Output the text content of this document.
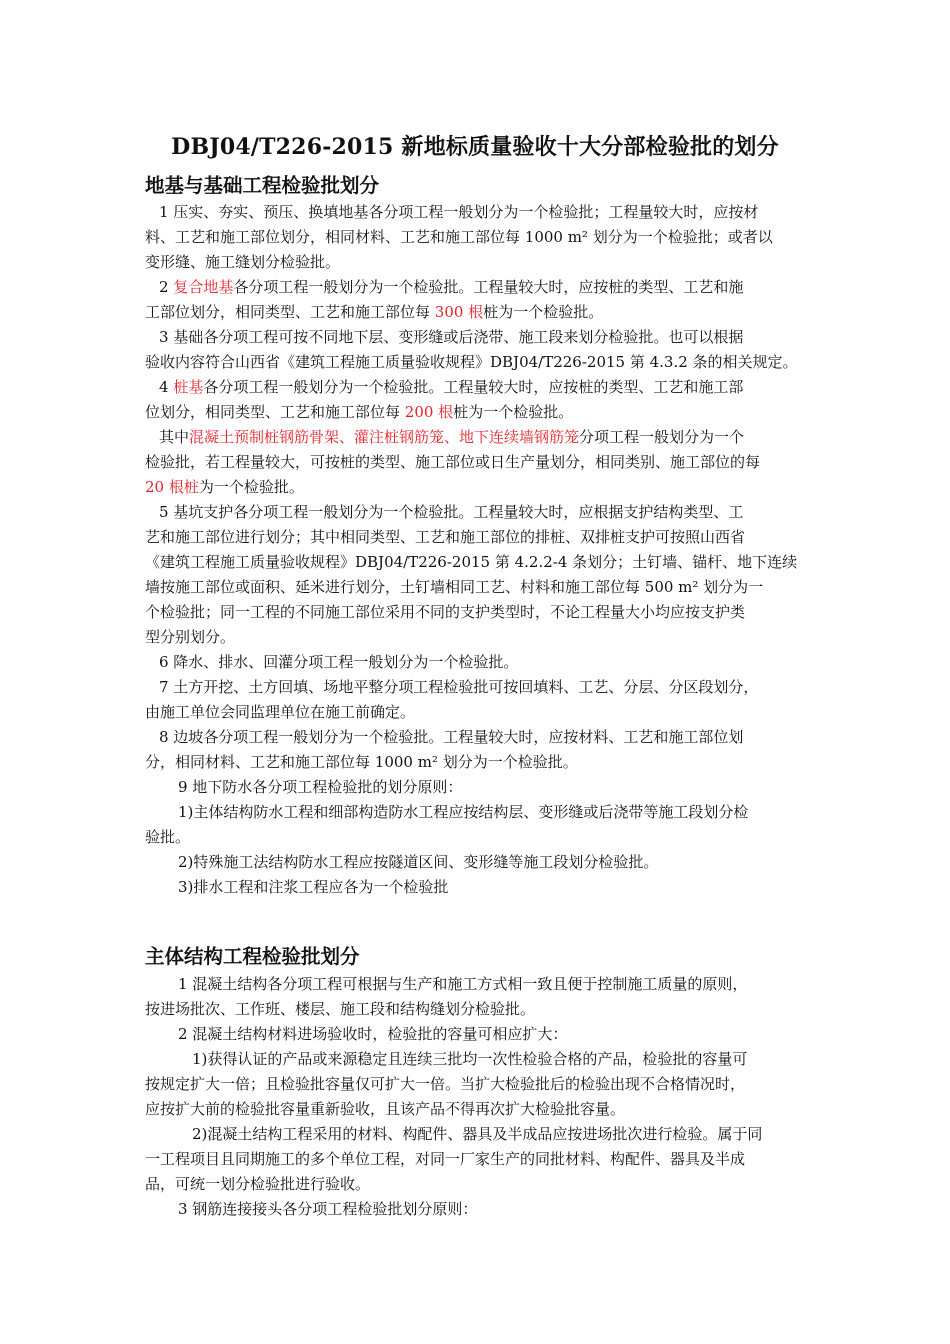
DBJ04/T226-2015 新地标质量验收十大分部检验批的划分
地基与基础工程检验批划分
1 压实、夯实、预压、换填地基各分项工程一般划分为一个检验批；工程量较大时，应按材
料、工艺和施工部位划分，相同材料、工艺和施工部位每 1000 m² 划分为一个检验批；或者以
变形缝、施工缝划分检验批。
2 复合地基各分项工程一般划分为一个检验批。工程量较大时，应按桩的类型、工艺和施
工部位划分，相同类型、工艺和施工部位每 300 根桩为一个检验批。
3 基础各分项工程可按不同地下层、变形缝或后浇带、施工段来划分检验批。也可以根据
验收内容符合山西省《建筑工程施工质量验收规程》DBJ04/T226-2015 第 4.3.2 条的相关规定。
4 桩基各分项工程一般划分为一个检验批。工程量较大时，应按桩的类型、工艺和施工部
位划分，相同类型、工艺和施工部位每 200 根桩为一个检验批。
其中混凝土预制桩钢筋骨架、灌注桩钢筋笼、地下连续墙钢筋笼分项工程一般划分为一个
检验批，若工程量较大，可按桩的类型、施工部位或日生产量划分，相同类别、施工部位的每
20 根桩为一个检验批。
5 基坑支护各分项工程一般划分为一个检验批。工程量较大时，应根据支护结构类型、工
艺和施工部位进行划分；其中相同类型、工艺和施工部位的排桩、双排桩支护可按照山西省
《建筑工程施工质量验收规程》DBJ04/T226-2015 第 4.2.2-4 条划分；土钉墙、锚杆、地下连续
墙按施工部位或面积、延米进行划分，土钉墙相同工艺、村料和施工部位每 500 m² 划分为一
个检验批；同一工程的不同施工部位采用不同的支护类型时，不论工程量大小均应按支护类
型分别划分。
6 降水、排水、回灌分项工程一般划分为一个检验批。
7 土方开挖、土方回填、场地平整分项工程检验批可按回填料、工艺、分层、分区段划分，
由施工单位会同监理单位在施工前确定。
8 边坡各分项工程一般划分为一个检验批。工程量较大时，应按材料、工艺和施工部位划
分，相同材料、工艺和施工部位每 1000 m² 划分为一个检验批。
9 地下防水各分项工程检验批的划分原则：
1)主体结构防水工程和细部构造防水工程应按结构层、变形缝或后浇带等施工段划分检
验批。
2)特殊施工法结构防水工程应按隧道区间、变形缝等施工段划分检验批。
3)排水工程和注浆工程应各为一个检验批
主体结构工程检验批划分
1 混凝土结构各分项工程可根据与生产和施工方式相一致且便于控制施工质量的原则，
按进场批次、工作班、楼层、施工段和结构缝划分检验批。
2 混凝土结构材料进场验收时，检验批的容量可相应扩大：
1)获得认证的产品或来源稳定且连续三批均一次性检验合格的产品，检验批的容量可
按规定扩大一倍；且检验批容量仅可扩大一倍。当扩大检验批后的检验出现不合格情况时，
应按扩大前的检验批容量重新验收，且该产品不得再次扩大检验批容量。
2)混凝土结构工程采用的材料、构配件、器具及半成品应按进场批次进行检验。属于同
一工程项目且同期施工的多个单位工程，对同一厂家生产的同批材料、构配件、器具及半成
品，可统一划分检验批进行验收。
3 钢筋连接接头各分项工程检验批划分原则：
